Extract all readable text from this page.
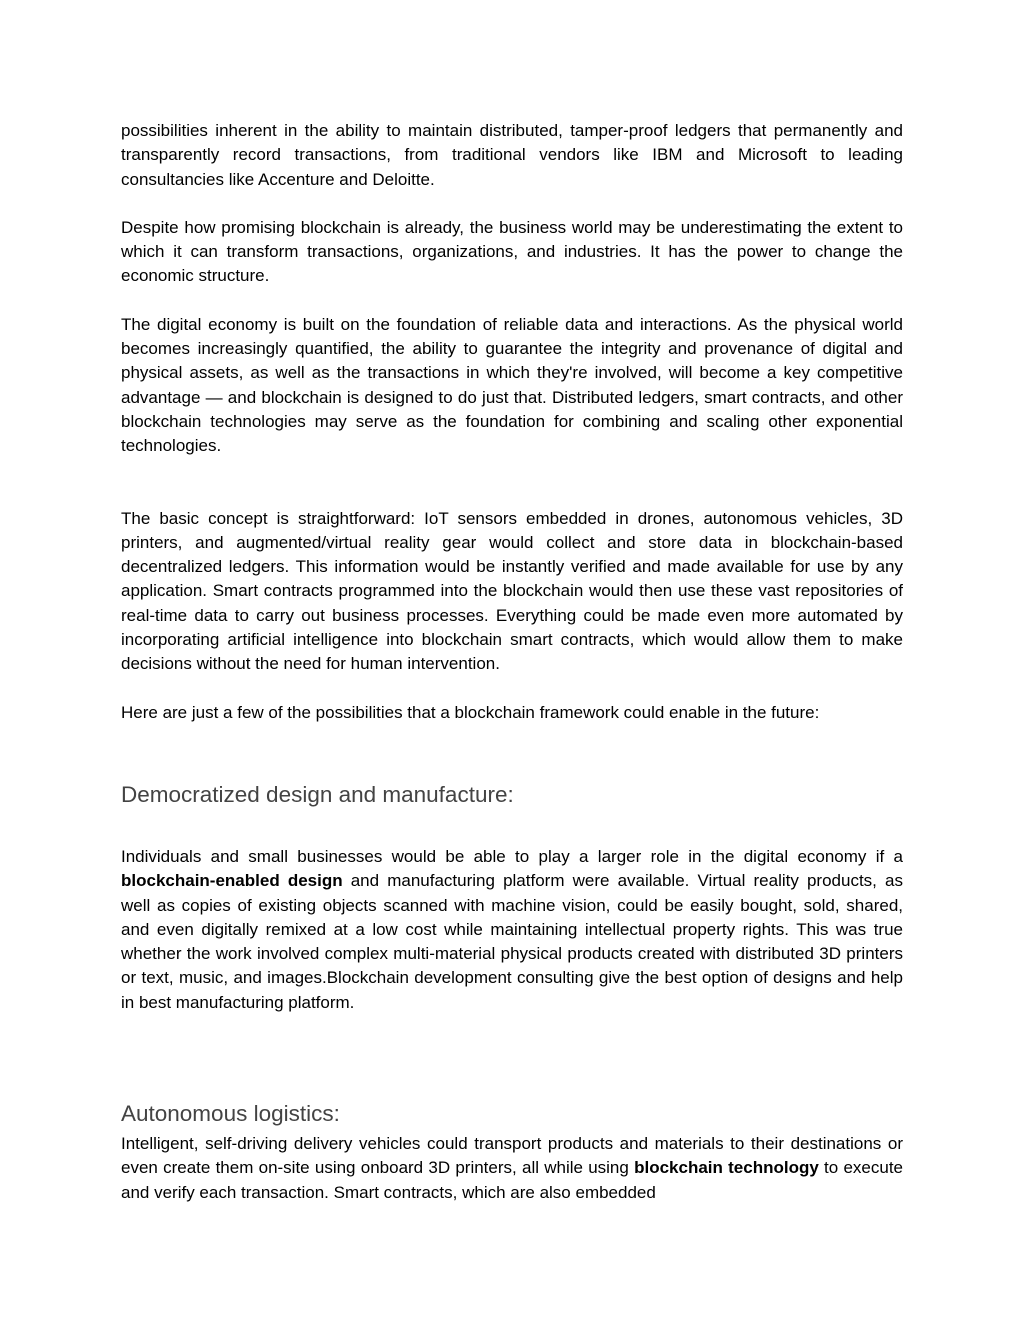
possibilities inherent in the ability to maintain distributed, tamper-proof ledgers that permanently and transparently record transactions, from traditional vendors like IBM and Microsoft to leading consultancies like Accenture and Deloitte.

Despite how promising blockchain is already, the business world may be underestimating the extent to which it can transform transactions, organizations, and industries. It has the power to change the economic structure.

The digital economy is built on the foundation of reliable data and interactions. As the physical world becomes increasingly quantified, the ability to guarantee the integrity and provenance of digital and physical assets, as well as the transactions in which they're involved, will become a key competitive advantage — and blockchain is designed to do just that. Distributed ledgers, smart contracts, and other blockchain technologies may serve as the foundation for combining and scaling other exponential technologies.

The basic concept is straightforward: IoT sensors embedded in drones, autonomous vehicles, 3D printers, and augmented/virtual reality gear would collect and store data in blockchain-based decentralized ledgers. This information would be instantly verified and made available for use by any application. Smart contracts programmed into the blockchain would then use these vast repositories of real-time data to carry out business processes. Everything could be made even more automated by incorporating artificial intelligence into blockchain smart contracts, which would allow them to make decisions without the need for human intervention.

Here are just a few of the possibilities that a blockchain framework could enable in the future:

Democratized design and manufacture:

Individuals and small businesses would be able to play a larger role in the digital economy if a blockchain-enabled design and manufacturing platform were available. Virtual reality products, as well as copies of existing objects scanned with machine vision, could be easily bought, sold, shared, and even digitally remixed at a low cost while maintaining intellectual property rights. This was true whether the work involved complex multi-material physical products created with distributed 3D printers or text, music, and images.Blockchain development consulting give the best option of designs and help in best manufacturing platform.

Autonomous logistics:

Intelligent, self-driving delivery vehicles could transport products and materials to their destinations or even create them on-site using onboard 3D printers, all while using blockchain technology to execute and verify each transaction. Smart contracts, which are also embedded
